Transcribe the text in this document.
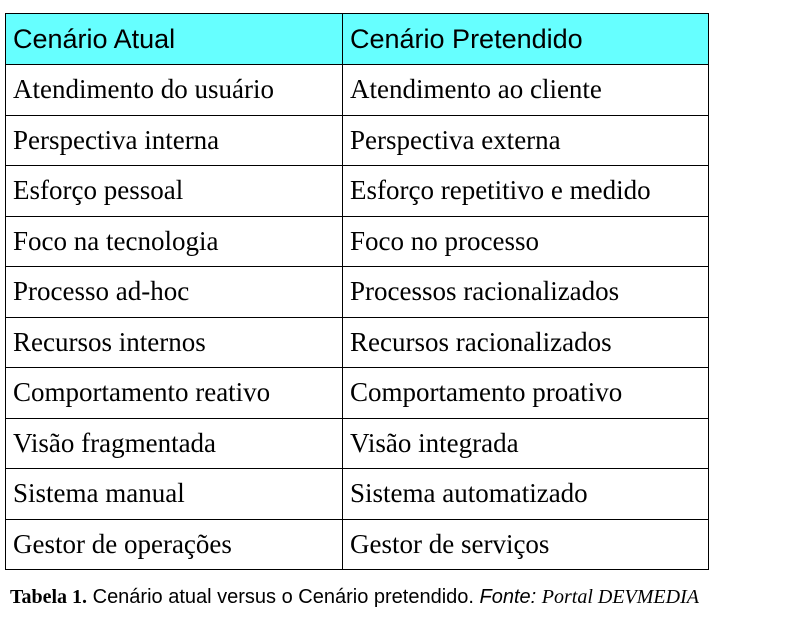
Cenário Atual	Cenário Pretendido
Atendimento do usuário	Atendimento ao cliente
Perspectiva interna	Perspectiva externa
Esforço pessoal	Esforço repetitivo e medido
Foco na tecnologia	Foco no processo
Processo ad-hoc	Processos racionalizados
Recursos internos	Recursos racionalizados
Comportamento reativo	Comportamento proativo
Visão fragmentada	Visão integrada
Sistema manual	Sistema automatizado
Gestor de operações	Gestor de serviços
Tabela 1. Cenário atual versus o Cenário pretendido. Fonte: Portal DEVMEDIA
